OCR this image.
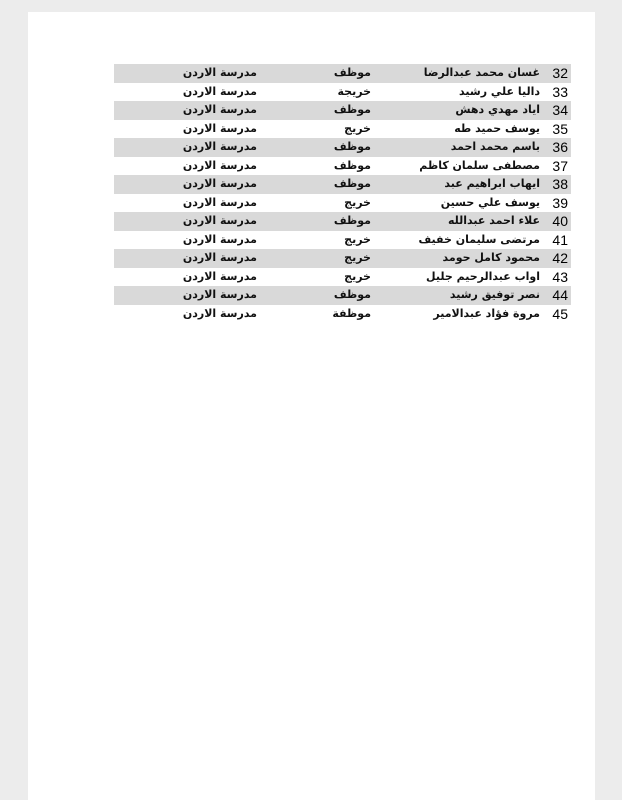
32
غسان محمد عبدالرضا
موظف
مدرسة الاردن
33
داليا علي رشيد
خريجة
مدرسة الاردن
34
اياد مهدي دهش
موظف
مدرسة الاردن
35
يوسف حميد طه
خريج
مدرسة الاردن
36
باسم محمد احمد
موظف
مدرسة الاردن
37
مصطفى سلمان كاظم
موظف
مدرسة الاردن
38
ايهاب ابراهيم عبد
موظف
مدرسة الاردن
39
يوسف علي حسين
خريج
مدرسة الاردن
40
علاء احمد عبدالله
موظف
مدرسة الاردن
41
مرتضى سليمان خفيف
خريج
مدرسة الاردن
42
محمود كامل حومد
خريج
مدرسة الاردن
43
اواب عبدالرحيم جليل
خريج
مدرسة الاردن
44
نصر توفيق رشيد
موظف
مدرسة الاردن
45
مروة فؤاد عبدالامير
موظفة
مدرسة الاردن
